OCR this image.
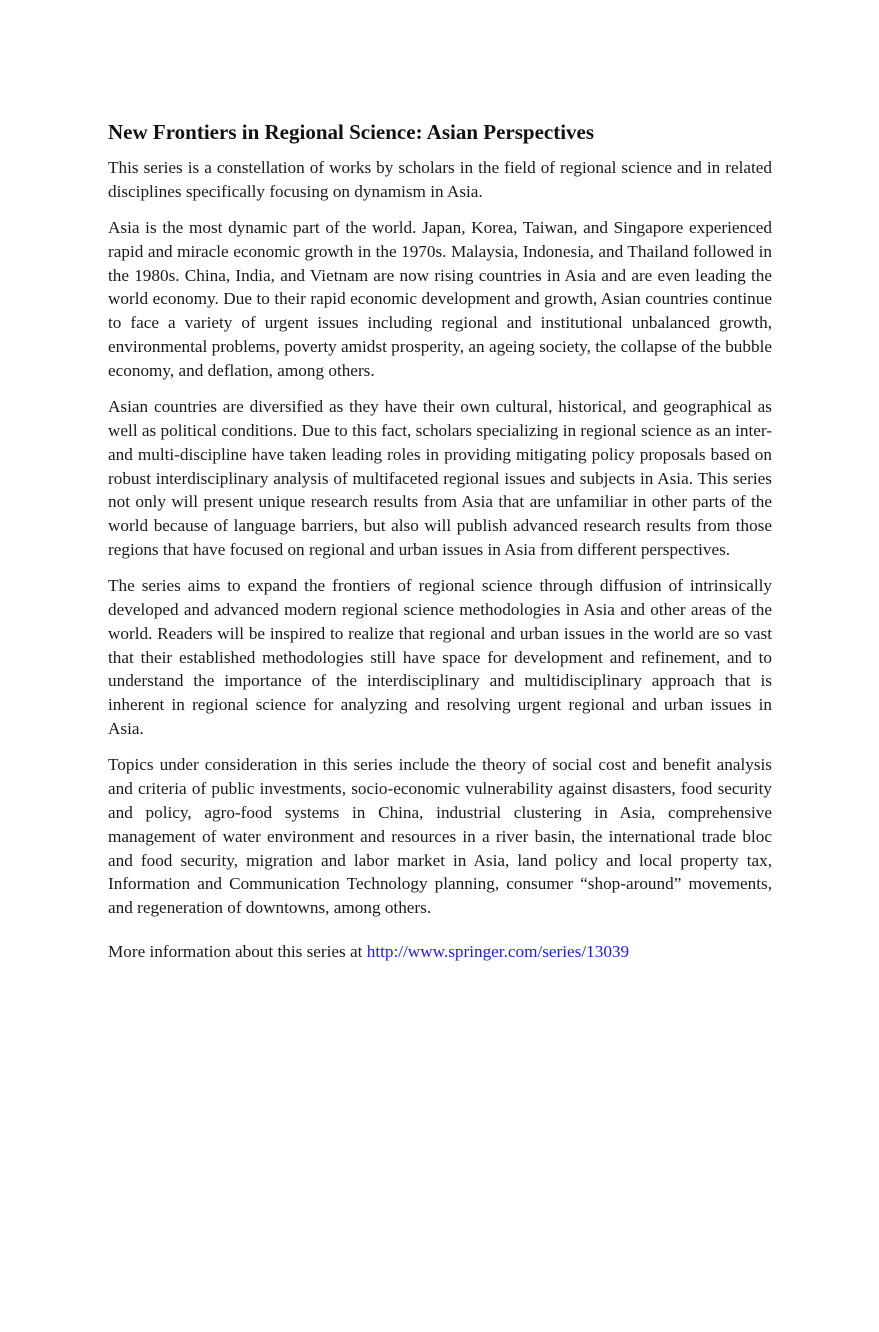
New Frontiers in Regional Science: Asian Perspectives

This series is a constellation of works by scholars in the field of regional science and in related disciplines specifically focusing on dynamism in Asia.

Asia is the most dynamic part of the world. Japan, Korea, Taiwan, and Singapore experienced rapid and miracle economic growth in the 1970s. Malaysia, Indonesia, and Thailand followed in the 1980s. China, India, and Vietnam are now rising countries in Asia and are even leading the world economy. Due to their rapid economic development and growth, Asian countries continue to face a variety of urgent issues including regional and institutional unbalanced growth, environmental problems, poverty amidst prosperity, an ageing society, the collapse of the bubble economy, and deflation, among others.

Asian countries are diversified as they have their own cultural, historical, and geographical as well as political conditions. Due to this fact, scholars specializing in regional science as an inter- and multi-discipline have taken leading roles in providing mitigating policy proposals based on robust interdisciplinary analysis of multifaceted regional issues and subjects in Asia. This series not only will present unique research results from Asia that are unfamiliar in other parts of the world because of language barriers, but also will publish advanced research results from those regions that have focused on regional and urban issues in Asia from different perspectives.

The series aims to expand the frontiers of regional science through diffusion of intrinsically developed and advanced modern regional science methodologies in Asia and other areas of the world. Readers will be inspired to realize that regional and urban issues in the world are so vast that their established methodologies still have space for development and refinement, and to understand the importance of the interdisciplinary and multidisciplinary approach that is inherent in regional science for analyzing and resolving urgent regional and urban issues in Asia.

Topics under consideration in this series include the theory of social cost and benefit analysis and criteria of public investments, socio-economic vulnerability against disasters, food security and policy, agro-food systems in China, industrial clustering in Asia, comprehensive management of water environment and resources in a river basin, the international trade bloc and food security, migration and labor market in Asia, land policy and local property tax, Information and Communication Technology planning, consumer “shop-around” movements, and regeneration of downtowns, among others.

More information about this series at http://www.springer.com/series/13039
